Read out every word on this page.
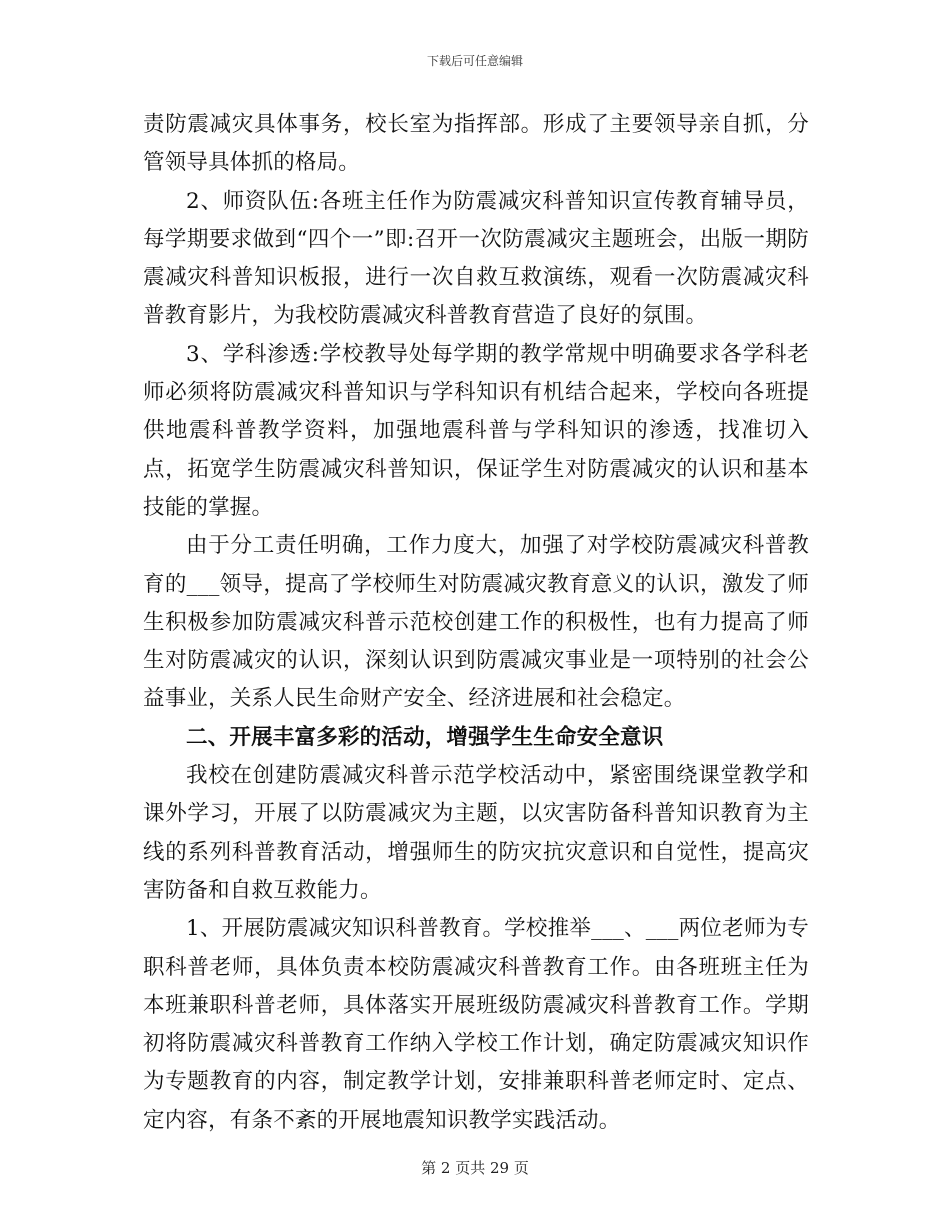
下载后可任意编辑

责防震减灾具体事务，校长室为指挥部。形成了主要领导亲自抓，分管领导具体抓的格局。

2、师资队伍:各班主任作为防震减灾科普知识宣传教育辅导员，每学期要求做到“四个一”即:召开一次防震减灾主题班会，出版一期防震减灾科普知识板报，进行一次自救互救演练，观看一次防震减灾科普教育影片，为我校防震减灾科普教育营造了良好的氛围。

3、学科渗透:学校教导处每学期的教学常规中明确要求各学科老师必须将防震减灾科普知识与学科知识有机结合起来，学校向各班提供地震科普教学资料，加强地震科普与学科知识的渗透，找准切入点，拓宽学生防震减灾科普知识，保证学生对防震减灾的认识和基本技能的掌握。

由于分工责任明确，工作力度大，加强了对学校防震减灾科普教育的___领导，提高了学校师生对防震减灾教育意义的认识，激发了师生积极参加防震减灾科普示范校创建工作的积极性，也有力提高了师生对防震减灾的认识，深刻认识到防震减灾事业是一项特别的社会公益事业，关系人民生命财产安全、经济进展和社会稳定。

二、开展丰富多彩的活动，增强学生生命安全意识

我校在创建防震减灾科普示范学校活动中，紧密围绕课堂教学和课外学习，开展了以防震减灾为主题，以灾害防备科普知识教育为主线的系列科普教育活动，增强师生的防灾抗灾意识和自觉性，提高灾害防备和自救互救能力。

1、开展防震减灾知识科普教育。学校推举___、___两位老师为专职科普老师，具体负责本校防震减灾科普教育工作。由各班班主任为本班兼职科普老师，具体落实开展班级防震减灾科普教育工作。学期初将防震减灾科普教育工作纳入学校工作计划，确定防震减灾知识作为专题教育的内容，制定教学计划，安排兼职科普老师定时、定点、定内容，有条不紊的开展地震知识教学实践活动。

第 2 页共 29 页
